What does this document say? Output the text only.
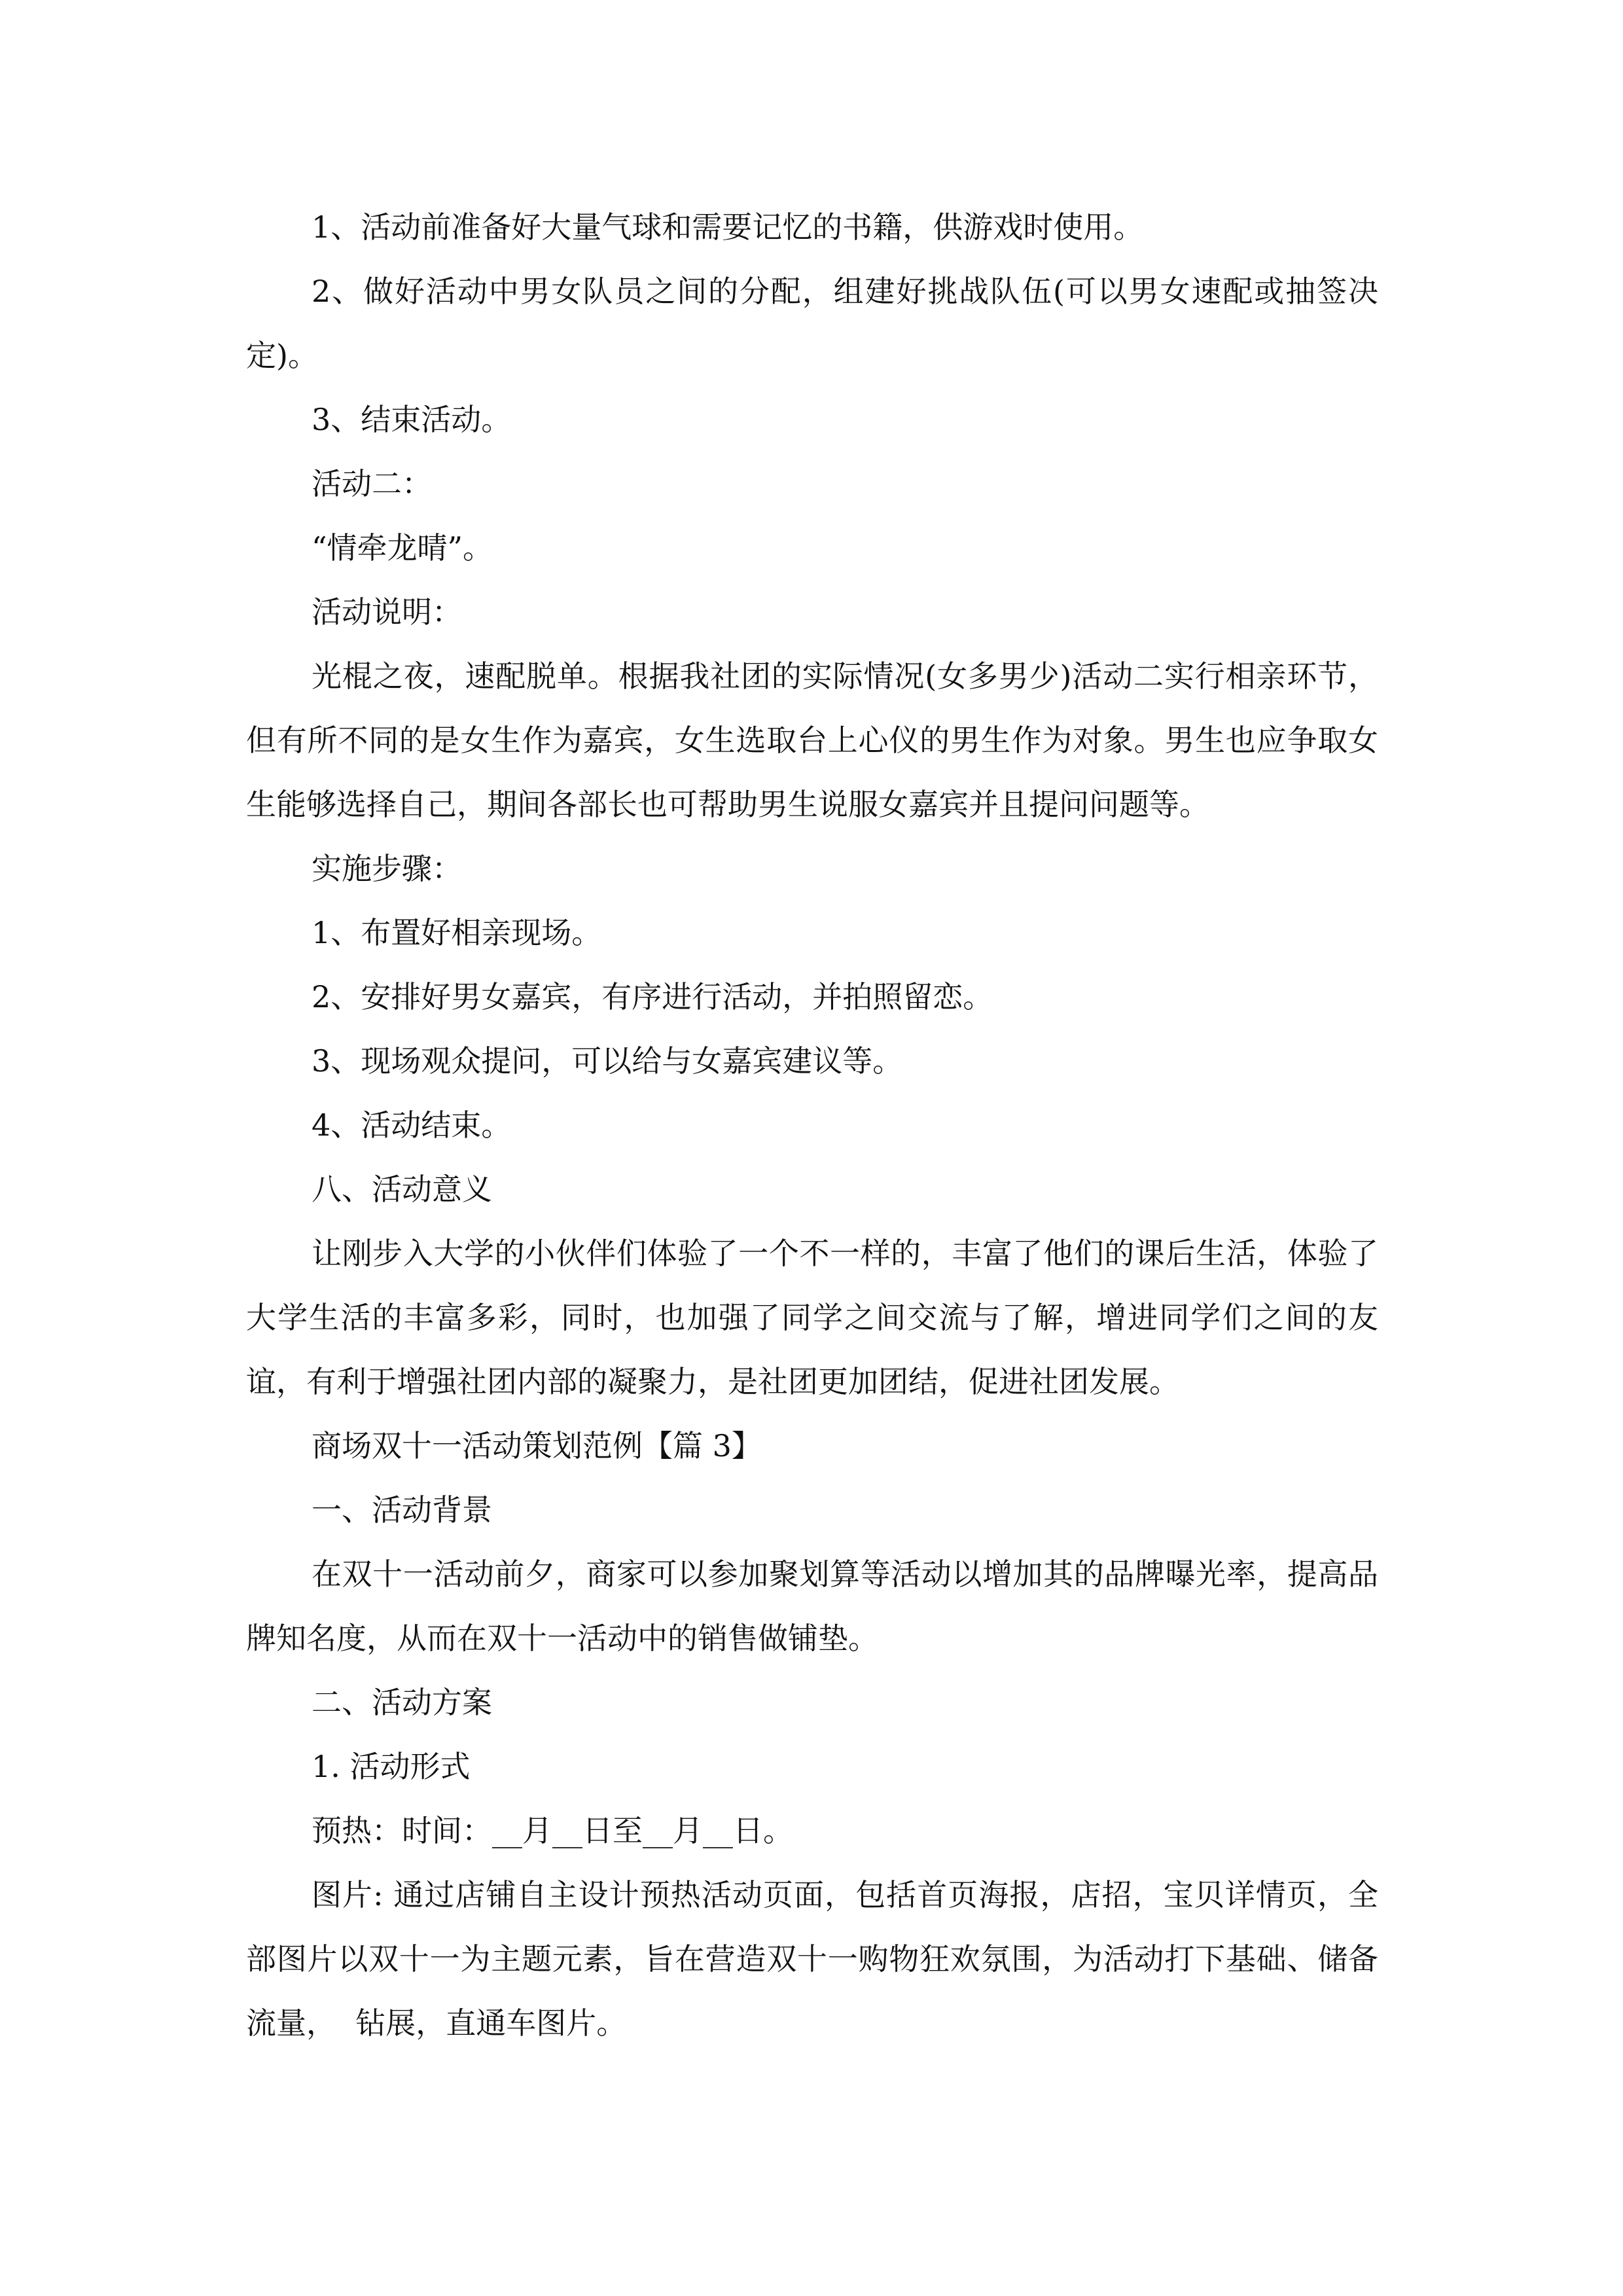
1、活动前准备好大量气球和需要记忆的书籍，供游戏时使用。

2、做好活动中男女队员之间的分配，组建好挑战队伍(可以男女速配或抽签决定)。

3、结束活动。

活动二：

“情牵龙晴”。

活动说明：

光棍之夜，速配脱单。根据我社团的实际情况(女多男少)活动二实行相亲环节，但有所不同的是女生作为嘉宾，女生选取台上心仪的男生作为对象。男生也应争取女生能够选择自己，期间各部长也可帮助男生说服女嘉宾并且提问问题等。

实施步骤：

1、布置好相亲现场。

2、安排好男女嘉宾，有序进行活动，并拍照留恋。

3、现场观众提问，可以给与女嘉宾建议等。

4、活动结束。

八、活动意义

让刚步入大学的小伙伴们体验了一个不一样的，丰富了他们的课后生活，体验了大学生活的丰富多彩，同时，也加强了同学之间交流与了解，增进同学们之间的友谊，有利于增强社团内部的凝聚力，是社团更加团结，促进社团发展。

商场双十一活动策划范例【篇 3】

一、活动背景

在双十一活动前夕，商家可以参加聚划算等活动以增加其的品牌曝光率，提高品牌知名度，从而在双十一活动中的销售做铺垫。

二、活动方案

1. 活动形式

预热：时间：__月__日至__月__日。

图片: 通过店铺自主设计预热活动页面，包括首页海报，店招，宝贝详情页，全部图片以双十一为主题元素，旨在营造双十一购物狂欢氛围，为活动打下基础、储备流量，  钻展，直通车图片。
